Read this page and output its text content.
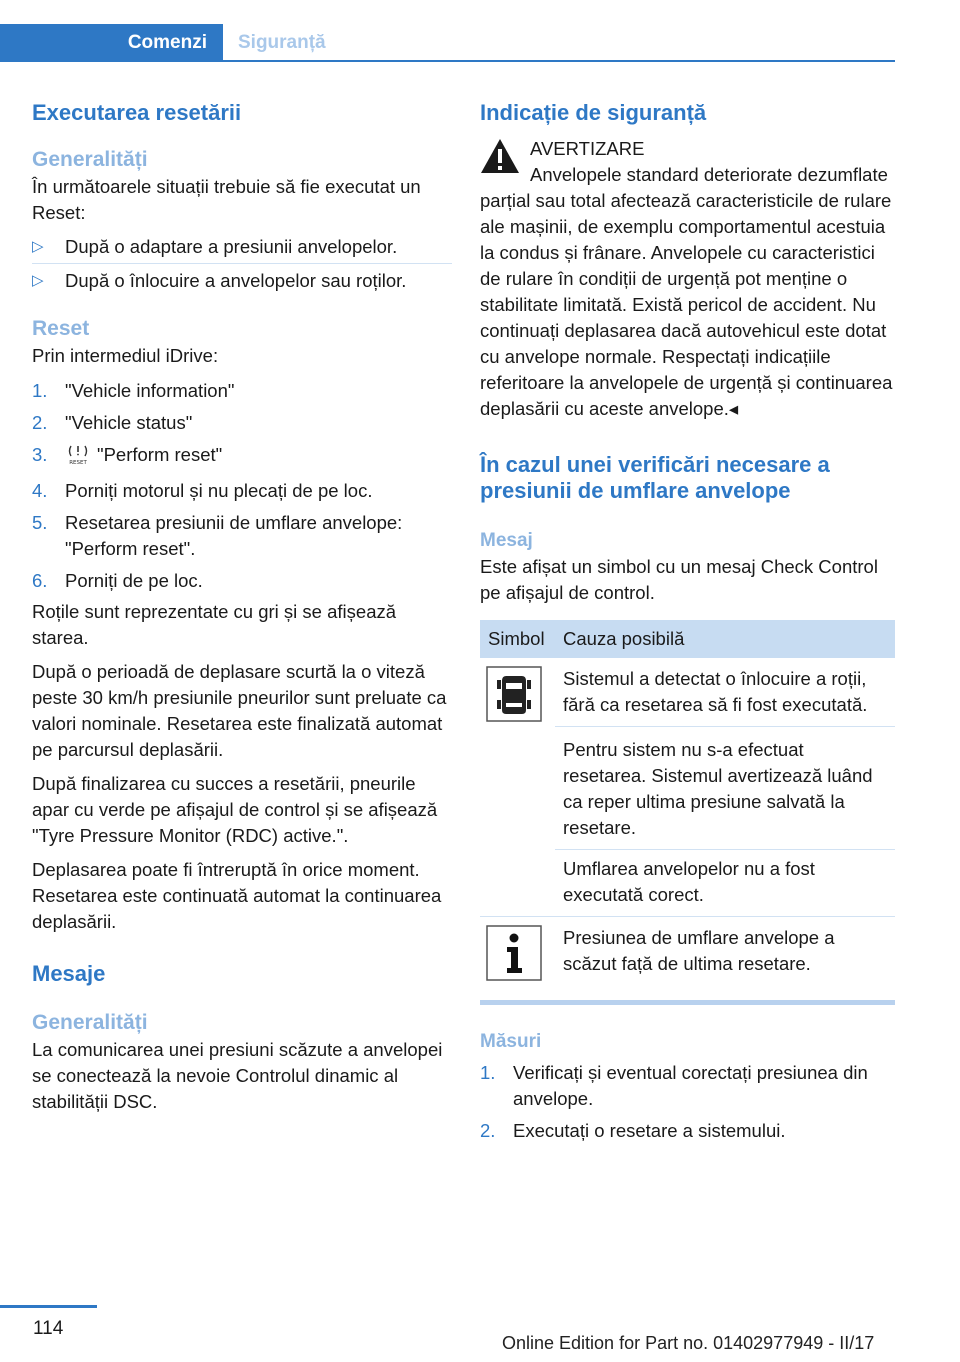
Comenzi	Siguranță
Executarea resetării
Generalități

În următoarele situații trebuie să fie executat un Reset:

▷ După o adaptare a presiunii anvelopelor.
▷ După o înlocuire a anvelopelor sau roților.
Reset

Prin intermediul iDrive:

1. "Vehicle information"
2. "Vehicle status"
3.	RESET "Perform reset"
4. Porniți motorul și nu plecați de pe loc.
5. Resetarea presiunii de umflare anvelope: "Perform reset".
6. Porniți de pe loc.

Roțile sunt reprezentate cu gri și se afișează starea.

După o perioadă de deplasare scurtă la o viteză peste 30 km/h presiunile pneurilor sunt preluate ca valori nominale. Resetarea este finalizată automat pe parcursul deplasării.

După finalizarea cu succes a resetării, pneurile apar cu verde pe afișajul de control și se afișează "Tyre Pressure Monitor (RDC) active.".

Deplasarea poate fi întreruptă în orice moment. Resetarea este continuată automat la continuarea deplasării.

Mesaje
Generalități

La comunicarea unei presiuni scăzute a anvelopei se conectează la nevoie Controlul dinamic al stabilității DSC.

Indicație de siguranță

AVERTIZARE

Anvelopele standard deteriorate dezumflate parțial sau total afectează caracteristicile de rulare ale mașinii, de exemplu comportamentul acestuia la condus și frânare. Anvelopele cu caracteristici de rulare în condiții de urgență pot menține o stabilitate limitată. Există pericol de accident. Nu continuați deplasarea dacă autovehicul este dotat cu anvelope normale. Respectați indicațiile referitoare la anvelopele de urgență și continuarea deplasării cu aceste anvelope.◂

În cazul unei verificări necesare a presiunii de umflare anvelope
Mesaj

Este afișat un simbol cu un mesaj Check Control pe afișajul de control.

Simbol	Cauza posibilă
	Sistemul a detectat o înlocuire a roții, fără ca resetarea să fi fost executată.
	Pentru sistem nu s-a efectuat resetarea. Sistemul avertizează luând ca reper ultima presiune salvată la resetare.
	Umflarea anvelopelor nu a fost executată corect.
	Presiunea de umflare anvelope a scăzut față de ultima resetare.
Măsuri
1. Verificați și eventual corectați presiunea din anvelope.
2. Executați o resetare a sistemului.
114
Online Edition for Part no. 01402977949 - II/17
